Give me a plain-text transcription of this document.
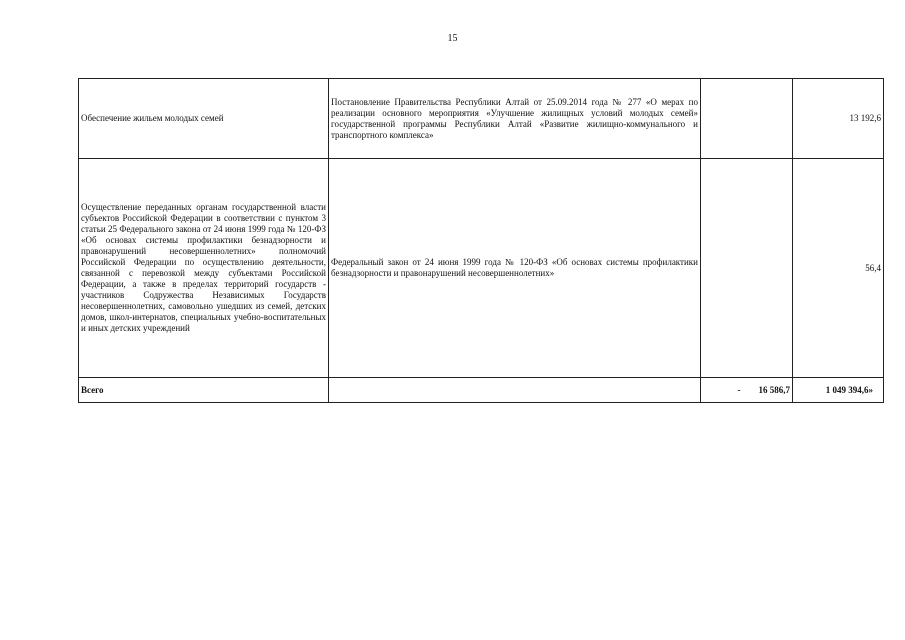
15
Обеспечение жильем молодых семей	Постановление Правительства Республики Алтай от 25.09.2014 года № 277 «О мерах по реализации основного мероприятия «Улучшение жилищных условий молодых семей» государственной программы Республики Алтай «Развитие жилищно-коммунального и транспортного комплекса»		13 192,6
Осуществление переданных органам государственной власти субъектов Российской Федерации в соответствии с пунктом 3 статьи 25 Федерального закона от 24 июня 1999 года № 120-ФЗ «Об основах системы профилактики безнадзорности и правонарушений несовершеннолетних» полномочий Российской Федерации по осуществлению деятельности, связанной с перевозкой между субъектами Российской Федерации, а также в пределах территорий государств - участников Содружества Независимых Государств несовершеннолетних, самовольно ушедших из семей, детских домов, школ-интернатов, специальных учебно-воспитательных и иных детских учреждений	Федеральный закон от 24 июня 1999 года № 120-ФЗ «Об основах системы профилактики безнадзорности и правонарушений несовершеннолетних»		56,4
Всего		- 16 586,7	1 049 394,6»
